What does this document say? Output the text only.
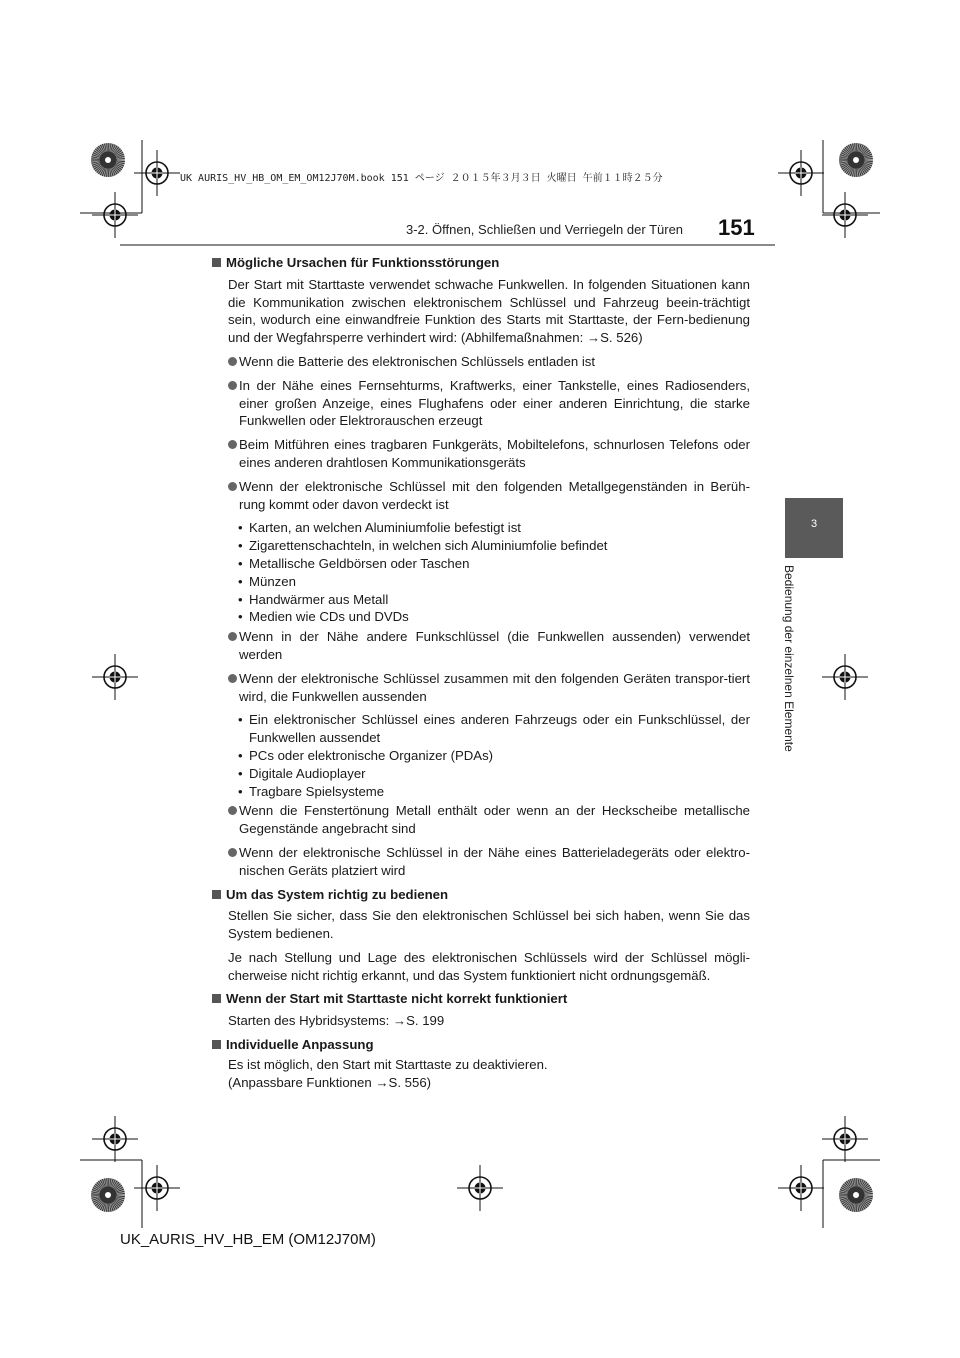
UK AURIS_HV_HB_OM_EM_OM12J70M.book 151 ページ ２０１５年３月３日 火曜日 午前１１時２５分
3-2. Öffnen, Schließen und Verriegeln der Türen 151
3
Bedienung der einzelnen Elemente

Mögliche Ursachen für Funktionsstörungen

Der Start mit Starttaste verwendet schwache Funkwellen. In folgenden Situationen kann die Kommunikation zwischen elektronischem Schlüssel und Fahrzeug beein-trächtigt sein, wodurch eine einwandfreie Funktion des Starts mit Starttaste, der Fern-bedienung und der Wegfahrsperre verhindert wird: (Abhilfemaßnahmen: →S. 526)

Wenn die Batterie des elektronischen Schlüssels entladen ist
In der Nähe eines Fernsehturms, Kraftwerks, einer Tankstelle, eines Radiosenders, einer großen Anzeige, eines Flughafens oder einer anderen Einrichtung, die starke Funkwellen oder Elektrorauschen erzeugt
Beim Mitführen eines tragbaren Funkgeräts, Mobiltelefons, schnurlosen Telefons oder eines anderen drahtlosen Kommunikationsgeräts
Wenn der elektronische Schlüssel mit den folgenden Metallgegenständen in Berüh-rung kommt oder davon verdeckt ist
• Karten, an welchen Aluminiumfolie befestigt ist
• Zigarettenschachteln, in welchen sich Aluminiumfolie befindet
• Metallische Geldbörsen oder Taschen
• Münzen
• Handwärmer aus Metall
• Medien wie CDs und DVDs
Wenn in der Nähe andere Funkschlüssel (die Funkwellen aussenden) verwendet werden
Wenn der elektronische Schlüssel zusammen mit den folgenden Geräten transpor-tiert wird, die Funkwellen aussenden
• Ein elektronischer Schlüssel eines anderen Fahrzeugs oder ein Funkschlüssel, der Funkwellen aussendet
• PCs oder elektronische Organizer (PDAs)
• Digitale Audioplayer
• Tragbare Spielsysteme
Wenn die Fenstertönung Metall enthält oder wenn an der Heckscheibe metallische Gegenstände angebracht sind
Wenn der elektronische Schlüssel in der Nähe eines Batterieladegeräts oder elektro-nischen Geräts platziert wird

Um das System richtig zu bedienen

Stellen Sie sicher, dass Sie den elektronischen Schlüssel bei sich haben, wenn Sie das System bedienen.

Je nach Stellung und Lage des elektronischen Schlüssels wird der Schlüssel mögli-cherweise nicht richtig erkannt, und das System funktioniert nicht ordnungsgemäß.

Wenn der Start mit Starttaste nicht korrekt funktioniert

Starten des Hybridsystems: →S. 199

Individuelle Anpassung

Es ist möglich, den Start mit Starttaste zu deaktivieren.
(Anpassbare Funktionen →S. 556)

UK_AURIS_HV_HB_EM (OM12J70M)
